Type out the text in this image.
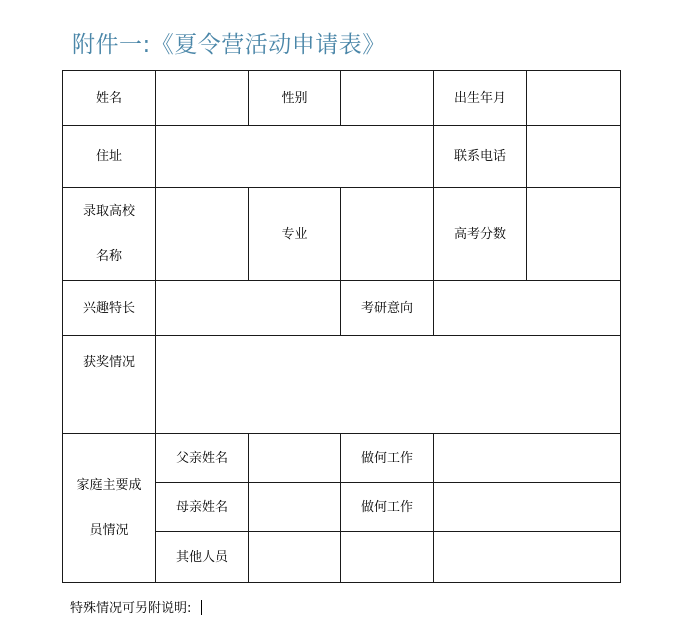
附件一:《夏令营活动申请表》
姓名		性别		出生年月	
住址				联系电话	

录取高校
名称		专业		高考分数	
兴趣特长			考研意向		
获奖情况					

家庭主要成
员情况	父亲姓名		做何工作		
	母亲姓名		做何工作		
	其他人员				
特殊情况可另附说明:
